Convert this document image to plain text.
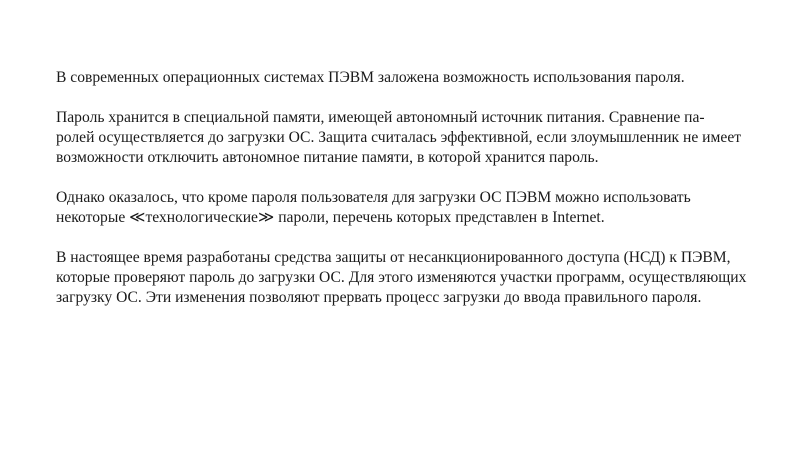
В современных операционных системах ПЭВМ заложена возможность использования пароля.

Пароль хранится в специальной памяти, имеющей автономный источник питания. Сравнение па-
ролей осуществляется до загрузки ОС. Защита считалась эффективной, если злоумышленник не имеет
возможности отключить автономное питание памяти, в которой хранится пароль.

Однако оказалось, что кроме пароля пользователя для загрузки ОС ПЭВМ можно использовать
некоторые ≪технологические≫ пароли, перечень которых представлен в Internet.

В настоящее время разработаны средства защиты от несанкционированного доступа (НСД) к ПЭВМ,
которые проверяют пароль до загрузки ОС. Для этого изменяются участки программ, осуществляющих
загрузку ОС. Эти изменения позволяют прервать процесс загрузки до ввода правильного пароля.
